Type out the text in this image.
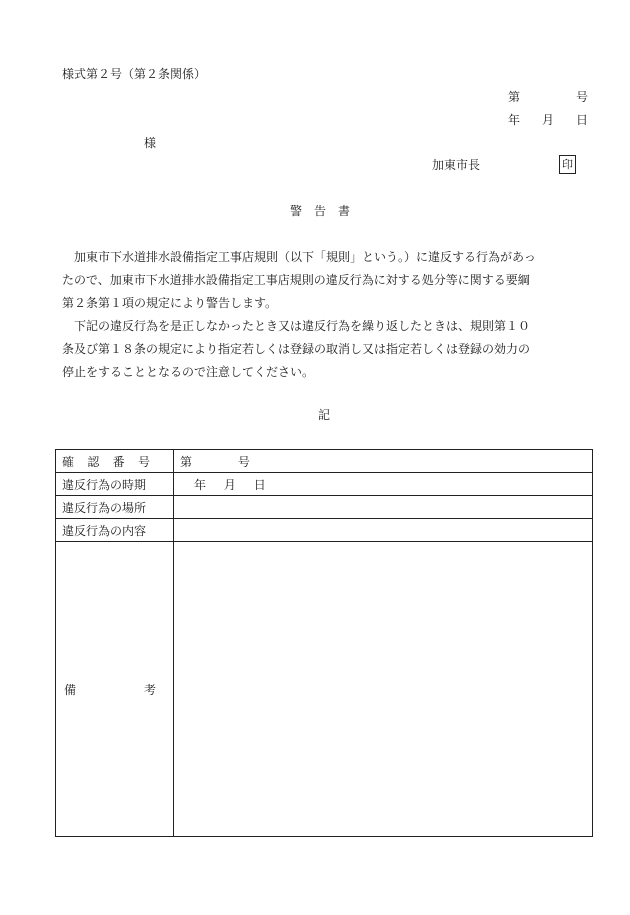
様式第２号（第２条関係）
第	号
年 月 日
様
加東市長	印
警　告　書
加東市下水道排水設備指定工事店規則（以下「規則」という。）に違反する行為があっ
たので、加東市下水道排水設備指定工事店規則の違反行為に対する処分等に関する要綱
第２条第１項の規定により警告します。
下記の違反行為を是正しなかったとき又は違反行為を繰り返したときは、規則第１０
条及び第１８条の規定により指定若しくは登録の取消し又は指定若しくは登録の効力の
停止をすることとなるので注意してください。
記
確 認 番 号	第 号
違反行為の時期	年 月 日
違反行為の場所	
違反行為の内容	

備 考	
